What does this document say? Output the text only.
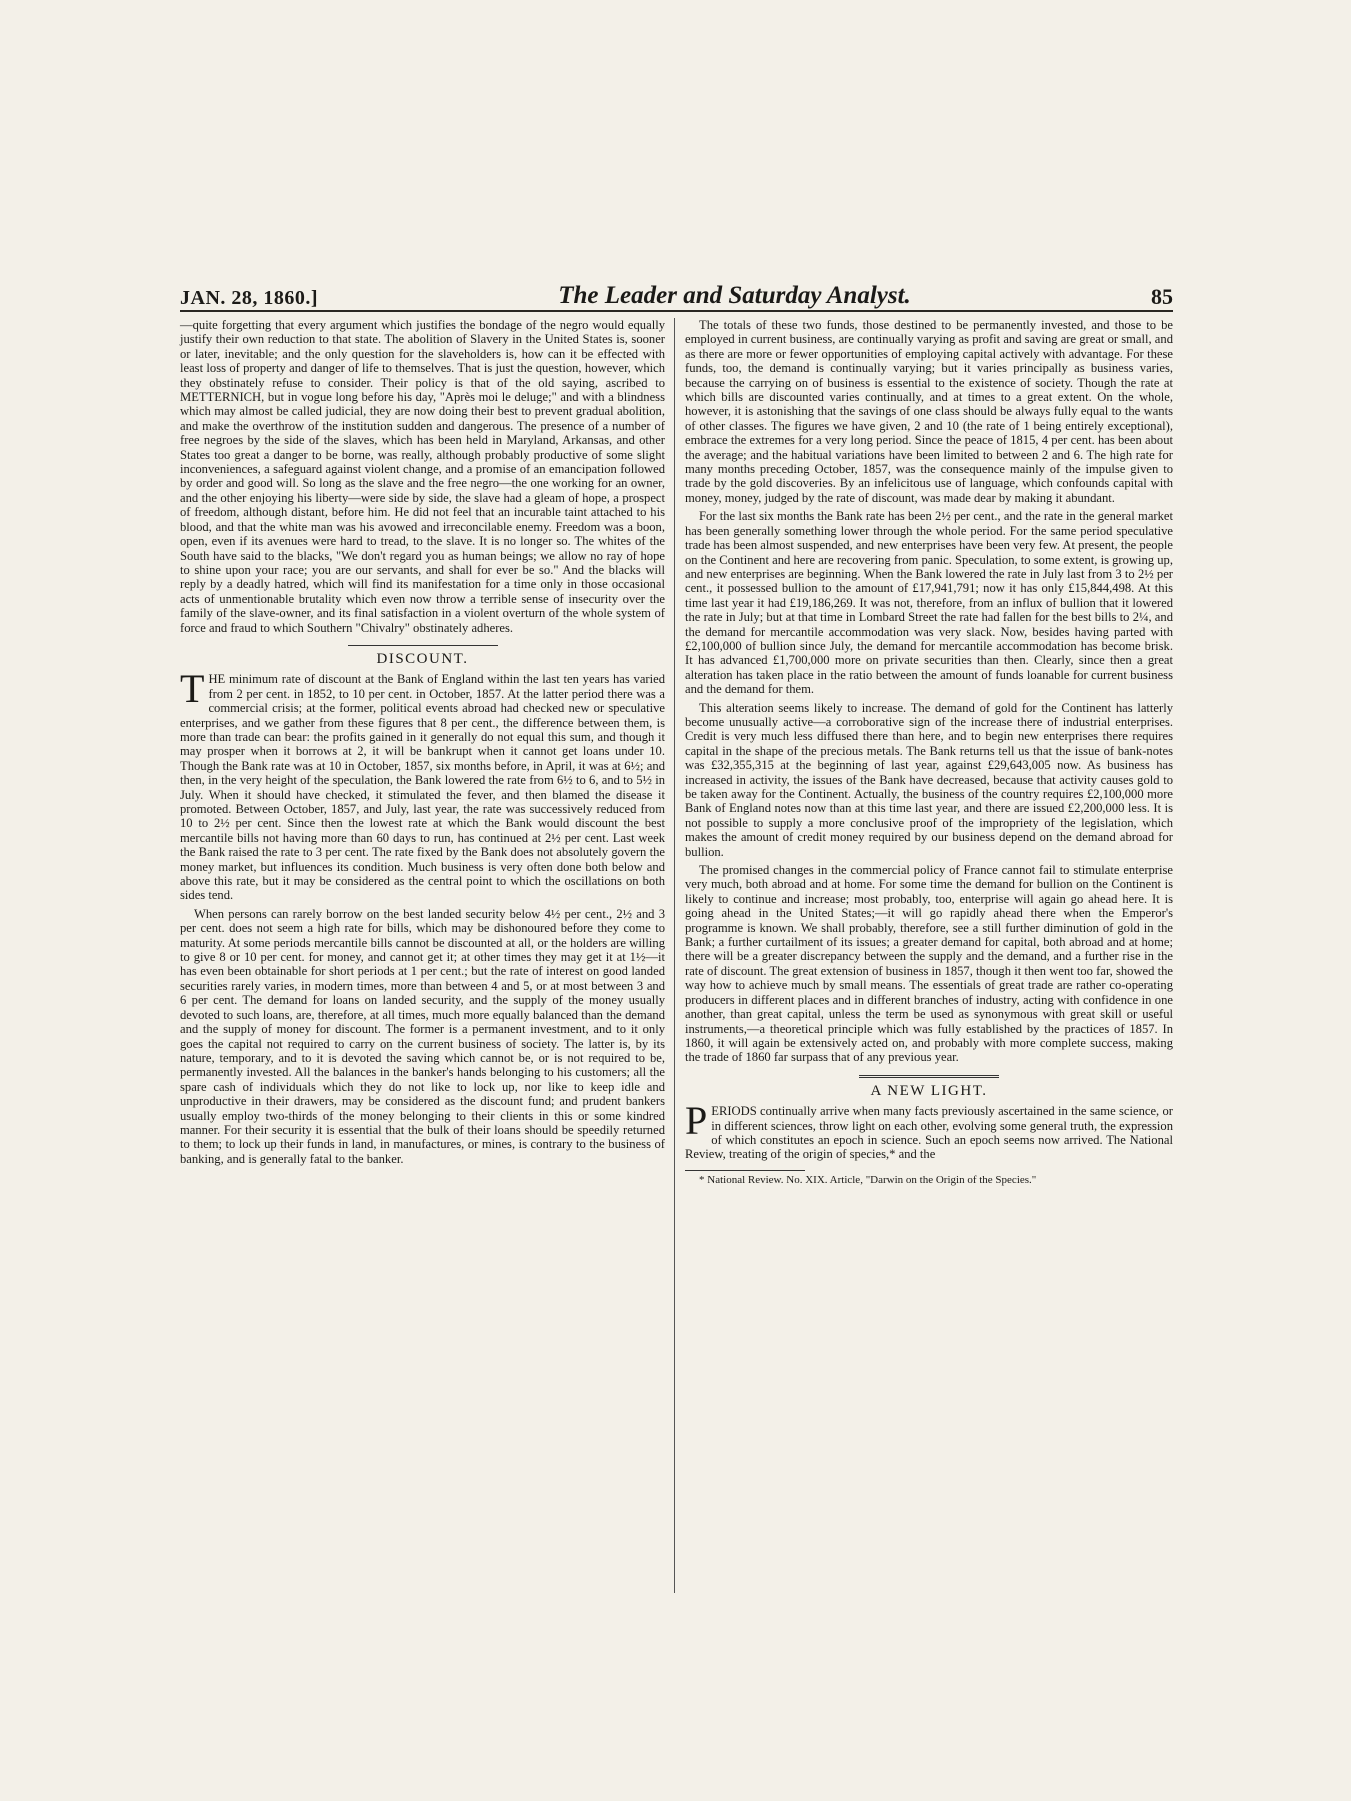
JAN. 28, 1860.]	The Leader and Saturday Analyst.	85

—quite forgetting that every argument which justifies the bondage of the negro would equally justify their own reduction to that state. The abolition of Slavery in the United States is, sooner or later, inevitable; and the only question for the slaveholders is, how can it be effected with least loss of property and danger of life to themselves. That is just the question, however, which they obstinately refuse to consider. Their policy is that of the old saying, ascribed to METTERNICH, but in vogue long before his day, "Après moi le deluge;" and with a blindness which may almost be called judicial, they are now doing their best to prevent gradual abolition, and make the overthrow of the institution sudden and dangerous. The presence of a number of free negroes by the side of the slaves, which has been held in Maryland, Arkansas, and other States too great a danger to be borne, was really, although probably productive of some slight inconveniences, a safeguard against violent change, and a promise of an emancipation followed by order and good will. So long as the slave and the free negro—the one working for an owner, and the other enjoying his liberty—were side by side, the slave had a gleam of hope, a prospect of freedom, although distant, before him. He did not feel that an incurable taint attached to his blood, and that the white man was his avowed and irreconcilable enemy. Freedom was a boon, open, even if its avenues were hard to tread, to the slave. It is no longer so. The whites of the South have said to the blacks, "We don't regard you as human beings; we allow no ray of hope to shine upon your race; you are our servants, and shall for ever be so." And the blacks will reply by a deadly hatred, which will find its manifestation for a time only in those occasional acts of unmentionable brutality which even now throw a terrible sense of insecurity over the family of the slave-owner, and its final satisfaction in a violent overturn of the whole system of force and fraud to which Southern "Chivalry" obstinately adheres.

DISCOUNT.

THE minimum rate of discount at the Bank of England within the last ten years has varied from 2 per cent. in 1852, to 10 per cent. in October, 1857. At the latter period there was a commercial crisis; at the former, political events abroad had checked new or speculative enterprises, and we gather from these figures that 8 per cent., the difference between them, is more than trade can bear: the profits gained in it generally do not equal this sum, and though it may prosper when it borrows at 2, it will be bankrupt when it cannot get loans under 10. Though the Bank rate was at 10 in October, 1857, six months before, in April, it was at 6½; and then, in the very height of the speculation, the Bank lowered the rate from 6½ to 6, and to 5½ in July. When it should have checked, it stimulated the fever, and then blamed the disease it promoted. Between October, 1857, and July, last year, the rate was successively reduced from 10 to 2½ per cent. Since then the lowest rate at which the Bank would discount the best mercantile bills not having more than 60 days to run, has continued at 2½ per cent. Last week the Bank raised the rate to 3 per cent. The rate fixed by the Bank does not absolutely govern the money market, but influences its condition. Much business is very often done both below and above this rate, but it may be considered as the central point to which the oscillations on both sides tend.

When persons can rarely borrow on the best landed security below 4½ per cent., 2½ and 3 per cent. does not seem a high rate for bills, which may be dishonoured before they come to maturity. At some periods mercantile bills cannot be discounted at all, or the holders are willing to give 8 or 10 per cent. for money, and cannot get it; at other times they may get it at 1½—it has even been obtainable for short periods at 1 per cent.; but the rate of interest on good landed securities rarely varies, in modern times, more than between 4 and 5, or at most between 3 and 6 per cent. The demand for loans on landed security, and the supply of the money usually devoted to such loans, are, therefore, at all times, much more equally balanced than the demand and the supply of money for discount. The former is a permanent investment, and to it only goes the capital not required to carry on the current business of society. The latter is, by its nature, temporary, and to it is devoted the saving which cannot be, or is not required to be, permanently invested. All the balances in the banker's hands belonging to his customers; all the spare cash of individuals which they do not like to lock up, nor like to keep idle and unproductive in their drawers, may be considered as the discount fund; and prudent bankers usually employ two-thirds of the money belonging to their clients in this or some kindred manner. For their security it is essential that the bulk of their loans should be speedily returned to them; to lock up their funds in land, in manufactures, or mines, is contrary to the business of banking, and is generally fatal to the banker.

The totals of these two funds, those destined to be permanently invested, and those to be employed in current business, are continually varying as profit and saving are great or small, and as there are more or fewer opportunities of employing capital actively with advantage. For these funds, too, the demand is continually varying; but it varies principally as business varies, because the carrying on of business is essential to the existence of society. Though the rate at which bills are discounted varies continually, and at times to a great extent. On the whole, however, it is astonishing that the savings of one class should be always fully equal to the wants of other classes. The figures we have given, 2 and 10 (the rate of 1 being entirely exceptional), embrace the extremes for a very long period. Since the peace of 1815, 4 per cent. has been about the average; and the habitual variations have been limited to between 2 and 6. The high rate for many months preceding October, 1857, was the consequence mainly of the impulse given to trade by the gold discoveries. By an infelicitous use of language, which confounds capital with money, money, judged by the rate of discount, was made dear by making it abundant.

For the last six months the Bank rate has been 2½ per cent., and the rate in the general market has been generally something lower through the whole period. For the same period speculative trade has been almost suspended, and new enterprises have been very few. At present, the people on the Continent and here are recovering from panic. Speculation, to some extent, is growing up, and new enterprises are beginning. When the Bank lowered the rate in July last from 3 to 2½ per cent., it possessed bullion to the amount of £17,941,791; now it has only £15,844,498. At this time last year it had £19,186,269. It was not, therefore, from an influx of bullion that it lowered the rate in July; but at that time in Lombard Street the rate had fallen for the best bills to 2¼, and the demand for mercantile accommodation was very slack. Now, besides having parted with £2,100,000 of bullion since July, the demand for mercantile accommodation has become brisk. It has advanced £1,700,000 more on private securities than then. Clearly, since then a great alteration has taken place in the ratio between the amount of funds loanable for current business and the demand for them.

This alteration seems likely to increase. The demand of gold for the Continent has latterly become unusually active—a corroborative sign of the increase there of industrial enterprises. Credit is very much less diffused there than here, and to begin new enterprises there requires capital in the shape of the precious metals. The Bank returns tell us that the issue of bank-notes was £32,355,315 at the beginning of last year, against £29,643,005 now. As business has increased in activity, the issues of the Bank have decreased, because that activity causes gold to be taken away for the Continent. Actually, the business of the country requires £2,100,000 more Bank of England notes now than at this time last year, and there are issued £2,200,000 less. It is not possible to supply a more conclusive proof of the impropriety of the legislation, which makes the amount of credit money required by our business depend on the demand abroad for bullion.

The promised changes in the commercial policy of France cannot fail to stimulate enterprise very much, both abroad and at home. For some time the demand for bullion on the Continent is likely to continue and increase; most probably, too, enterprise will again go ahead here. It is going ahead in the United States;—it will go rapidly ahead there when the Emperor's programme is known. We shall probably, therefore, see a still further diminution of gold in the Bank; a further curtailment of its issues; a greater demand for capital, both abroad and at home; there will be a greater discrepancy between the supply and the demand, and a further rise in the rate of discount. The great extension of business in 1857, though it then went too far, showed the way how to achieve much by small means. The essentials of great trade are rather co-operating producers in different places and in different branches of industry, acting with confidence in one another, than great capital, unless the term be used as synonymous with great skill or useful instruments,—a theoretical principle which was fully established by the practices of 1857. In 1860, it will again be extensively acted on, and probably with more complete success, making the trade of 1860 far surpass that of any previous year.

A NEW LIGHT.

PERIODS continually arrive when many facts previously ascertained in the same science, or in different sciences, throw light on each other, evolving some general truth, the expression of which constitutes an epoch in science. Such an epoch seems now arrived. The National Review, treating of the origin of species,* and the

* National Review. No. XIX. Article, "Darwin on the Origin of the Species."
